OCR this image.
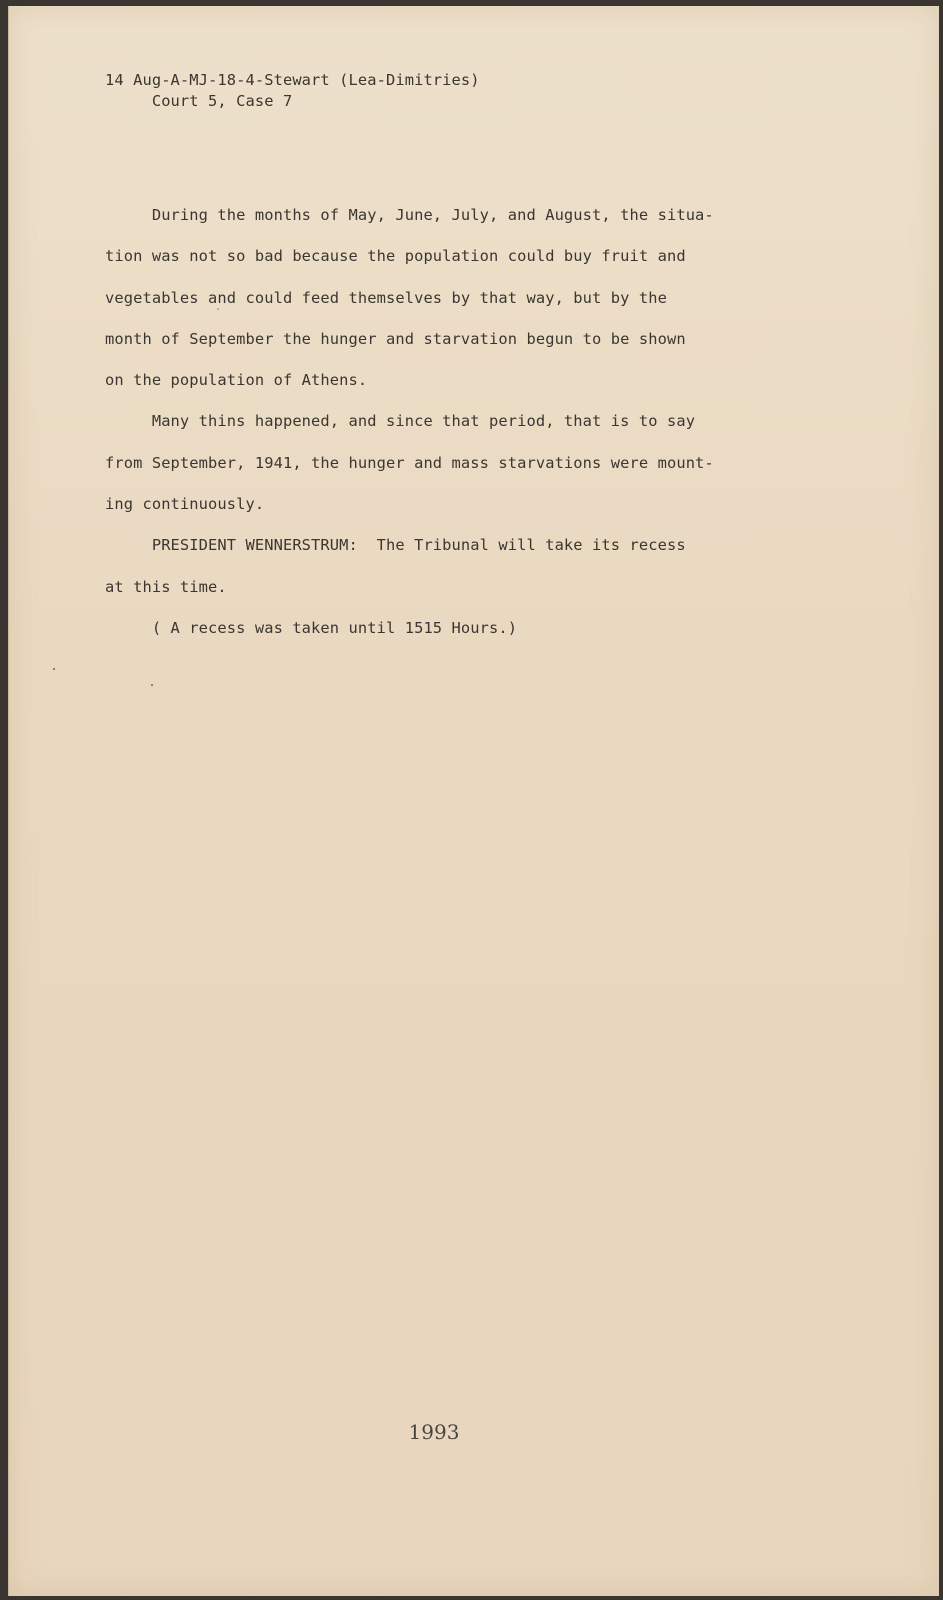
14 Aug-A-MJ-18-4-Stewart (Lea-Dimitries)
Court 5, Case 7
During the months of May, June, July, and August, the situa-
tion was not so bad because the population could buy fruit and
vegetables and could feed themselves by that way, but by the
month of September the hunger and starvation begun to be shown
on the population of Athens.
Many thins happened, and since that period, that is to say
from September, 1941, the hunger and mass starvations were mount-
ing continuously.
PRESIDENT WENNERSTRUM:  The Tribunal will take its recess
at this time.
( A recess was taken until 1515 Hours.)
1993
